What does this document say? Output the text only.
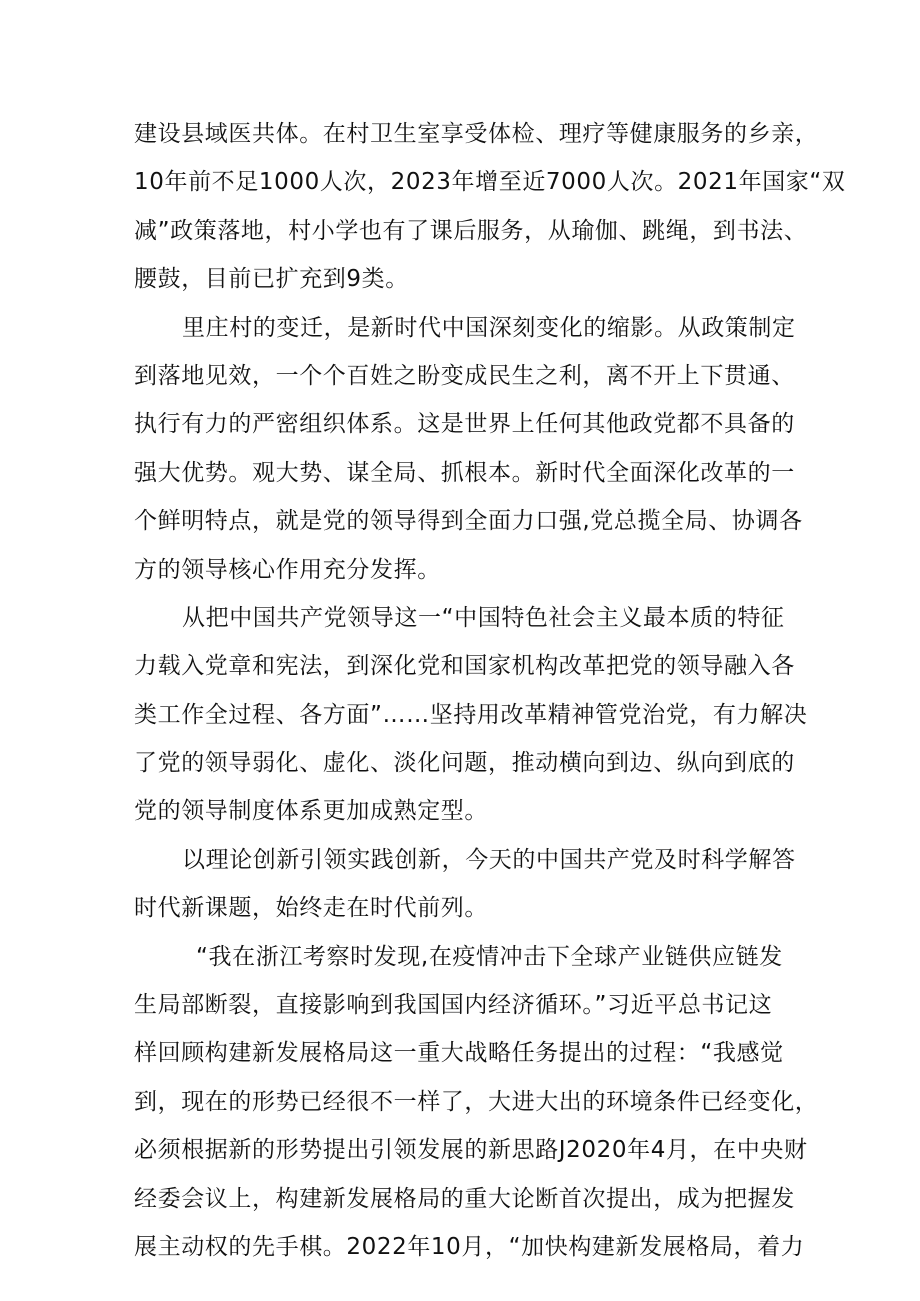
建设县域医共体。在村卫生室享受体检、理疗等健康服务的乡亲，
10年前不足1000人次，2023年增至近7000人次。2021年国家“双
减”政策落地，村小学也有了课后服务，从瑜伽、跳绳，到书法、
腰鼓，目前已扩充到9类。
里庄村的变迁，是新时代中国深刻变化的缩影。从政策制定
到落地见效，一个个百姓之盼变成民生之利，离不开上下贯通、
执行有力的严密组织体系。这是世界上任何其他政党都不具备的
强大优势。观大势、谋全局、抓根本。新时代全面深化改革的一
个鲜明特点，就是党的领导得到全面力口强,党总揽全局、协调各
方的领导核心作用充分发挥。
从把中国共产党领导这一“中国特色社会主义最本质的特征
力载入党章和宪法，到深化党和国家机构改革把党的领导融入各
类工作全过程、各方面”……坚持用改革精神管党治党，有力解决
了党的领导弱化、虚化、淡化问题，推动横向到边、纵向到底的
党的领导制度体系更加成熟定型。
以理论创新引领实践创新，今天的中国共产党及时科学解答
时代新课题，始终走在时代前列。
“我在浙江考察时发现,在疫情冲击下全球产业链供应链发
生局部断裂，直接影响到我国国内经济循环。”习近平总书记这
样回顾构建新发展格局这一重大战略任务提出的过程：“我感觉
到，现在的形势已经很不一样了，大进大出的环境条件已经变化，
必须根据新的形势提出引领发展的新思路J2020年4月，在中央财
经委会议上，构建新发展格局的重大论断首次提出，成为把握发
展主动权的先手棋。2022年10月，“加快构建新发展格局，着力
